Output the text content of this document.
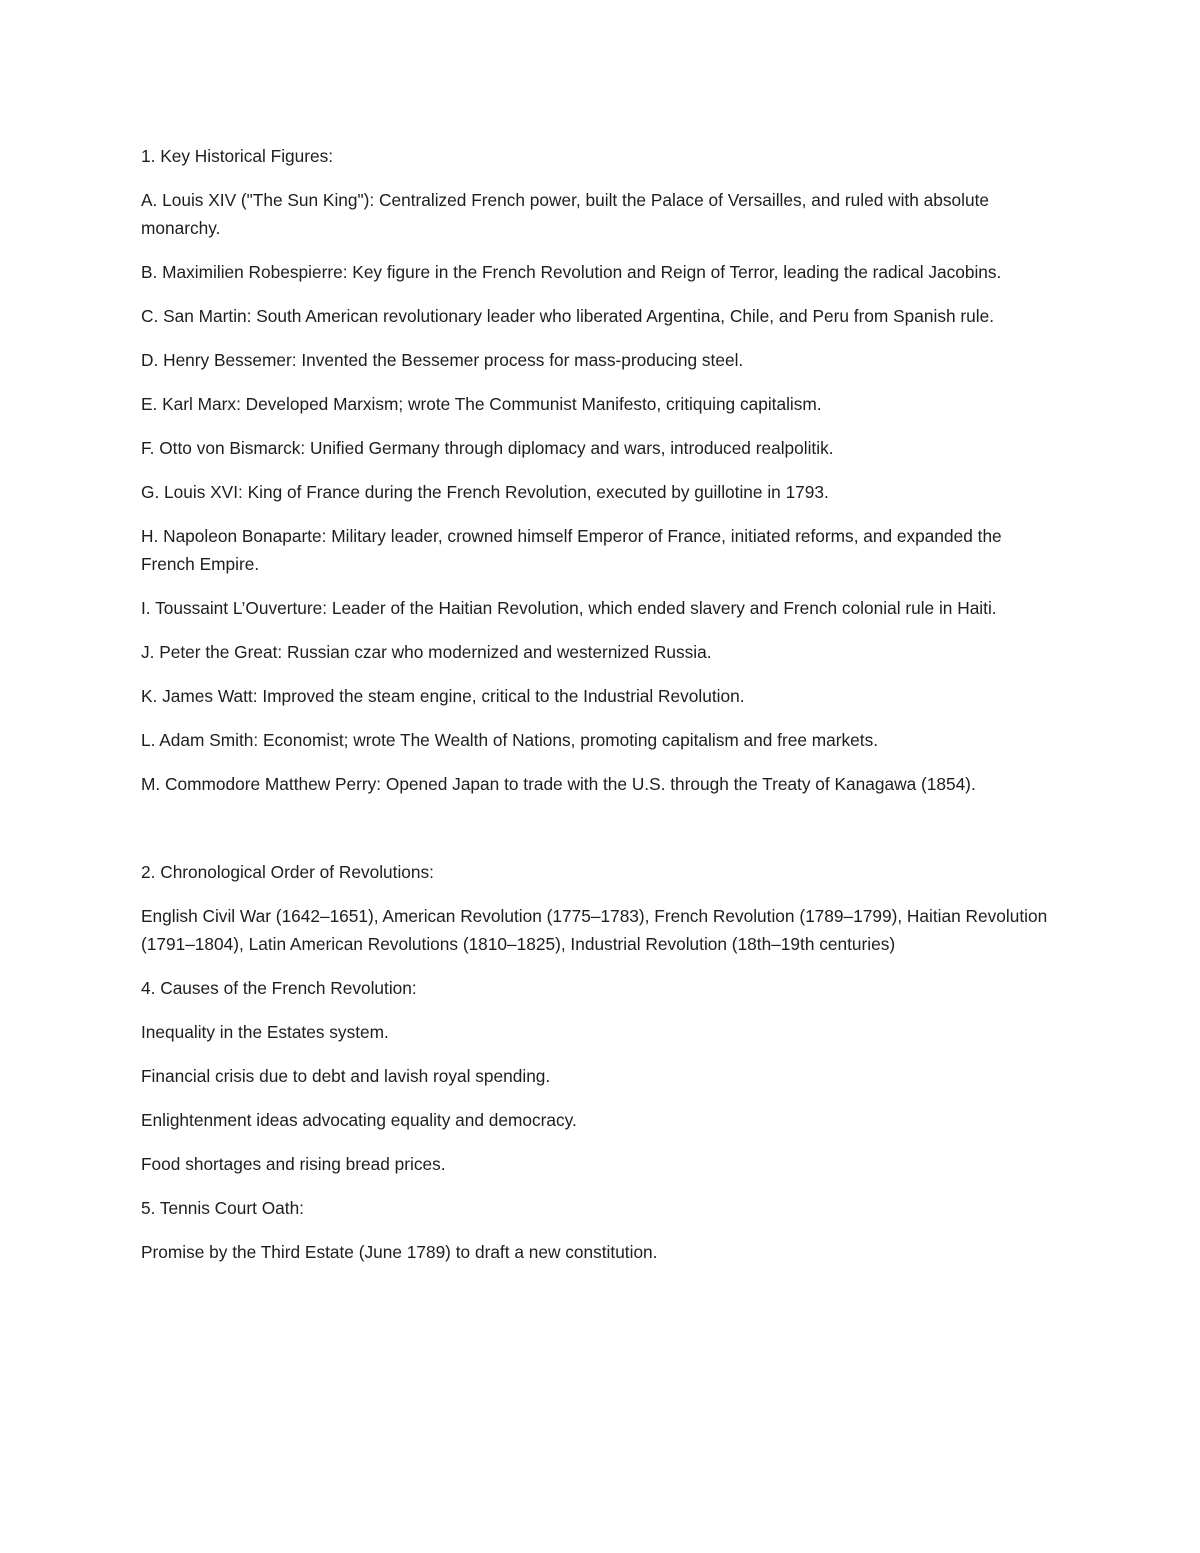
1. Key Historical Figures:

A. Louis XIV ("The Sun King"): Centralized French power, built the Palace of Versailles, and ruled with absolute monarchy.

B. Maximilien Robespierre: Key figure in the French Revolution and Reign of Terror, leading the radical Jacobins.

C. San Martin: South American revolutionary leader who liberated Argentina, Chile, and Peru from Spanish rule.

D. Henry Bessemer: Invented the Bessemer process for mass-producing steel.

E. Karl Marx: Developed Marxism; wrote The Communist Manifesto, critiquing capitalism.

F. Otto von Bismarck: Unified Germany through diplomacy and wars, introduced realpolitik.

G. Louis XVI: King of France during the French Revolution, executed by guillotine in 1793.

H. Napoleon Bonaparte: Military leader, crowned himself Emperor of France, initiated reforms, and expanded the French Empire.

I. Toussaint L’Ouverture: Leader of the Haitian Revolution, which ended slavery and French colonial rule in Haiti.

J. Peter the Great: Russian czar who modernized and westernized Russia.

K. James Watt: Improved the steam engine, critical to the Industrial Revolution.

L. Adam Smith: Economist; wrote The Wealth of Nations, promoting capitalism and free markets.

M. Commodore Matthew Perry: Opened Japan to trade with the U.S. through the Treaty of Kanagawa (1854).

2. Chronological Order of Revolutions:

English Civil War (1642–1651), American Revolution (1775–1783), French Revolution (1789–1799), Haitian Revolution (1791–1804), Latin American Revolutions (1810–1825), Industrial Revolution (18th–19th centuries)

4. Causes of the French Revolution:

Inequality in the Estates system.

Financial crisis due to debt and lavish royal spending.

Enlightenment ideas advocating equality and democracy.

Food shortages and rising bread prices.

5. Tennis Court Oath:

Promise by the Third Estate (June 1789) to draft a new constitution.
